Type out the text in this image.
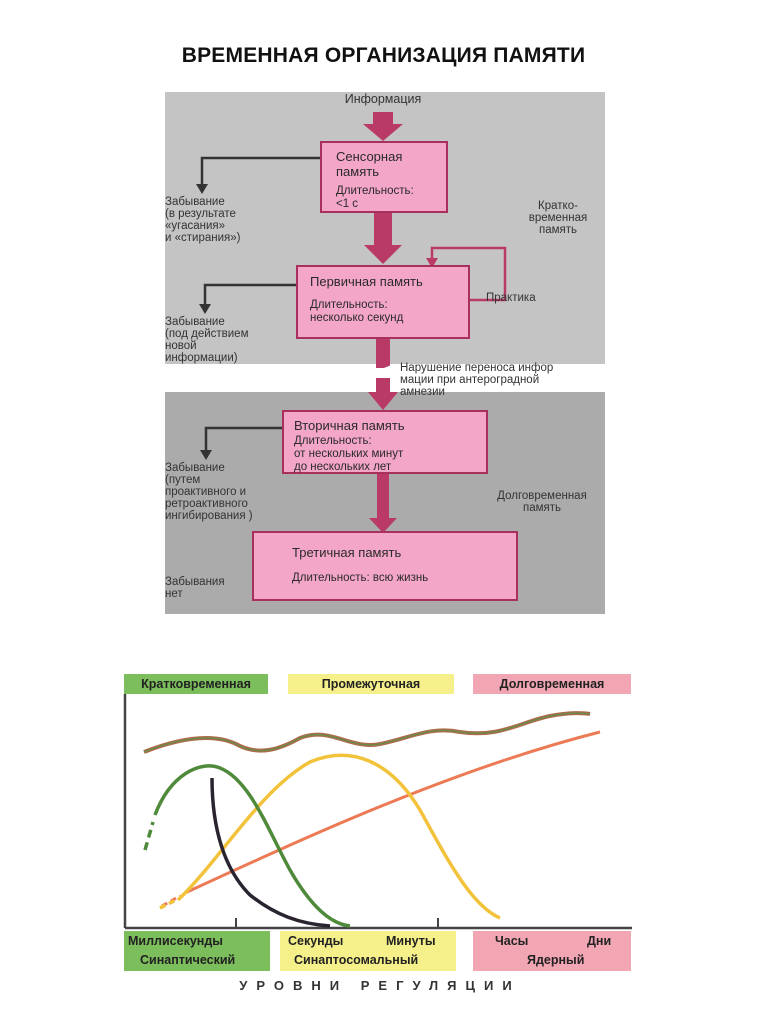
ВРЕМЕННАЯ ОРГАНИЗАЦИЯ ПАМЯТИ
Информация
Сенсорная
память
Длительность:
<1 с
Первичная память
Длительность:
несколько секунд
Вторичная память
Длительность:
от нескольких минут
до нескольких лет
Третичная память
Длительность: всю жизнь
Забывание
(в результате
«угасания»
и «стирания»)
Забывание
(под действием
новой
информации)
Забывание
(путем
проактивного и
ретроактивного
ингибирования )
Забывания
нет
Кратко-
временная
память
Практика
Нарушение переноса инфор
мации при антероградной
амнезии
Долговременная
память
Кратковременная	Промежуточная	Долговременная
Миллисекунды
Синаптический
Секунды	Минуты
Синаптосомальный
Часы	Дни
Ядерный
УРОВНИ РЕГУЛЯЦИИ
